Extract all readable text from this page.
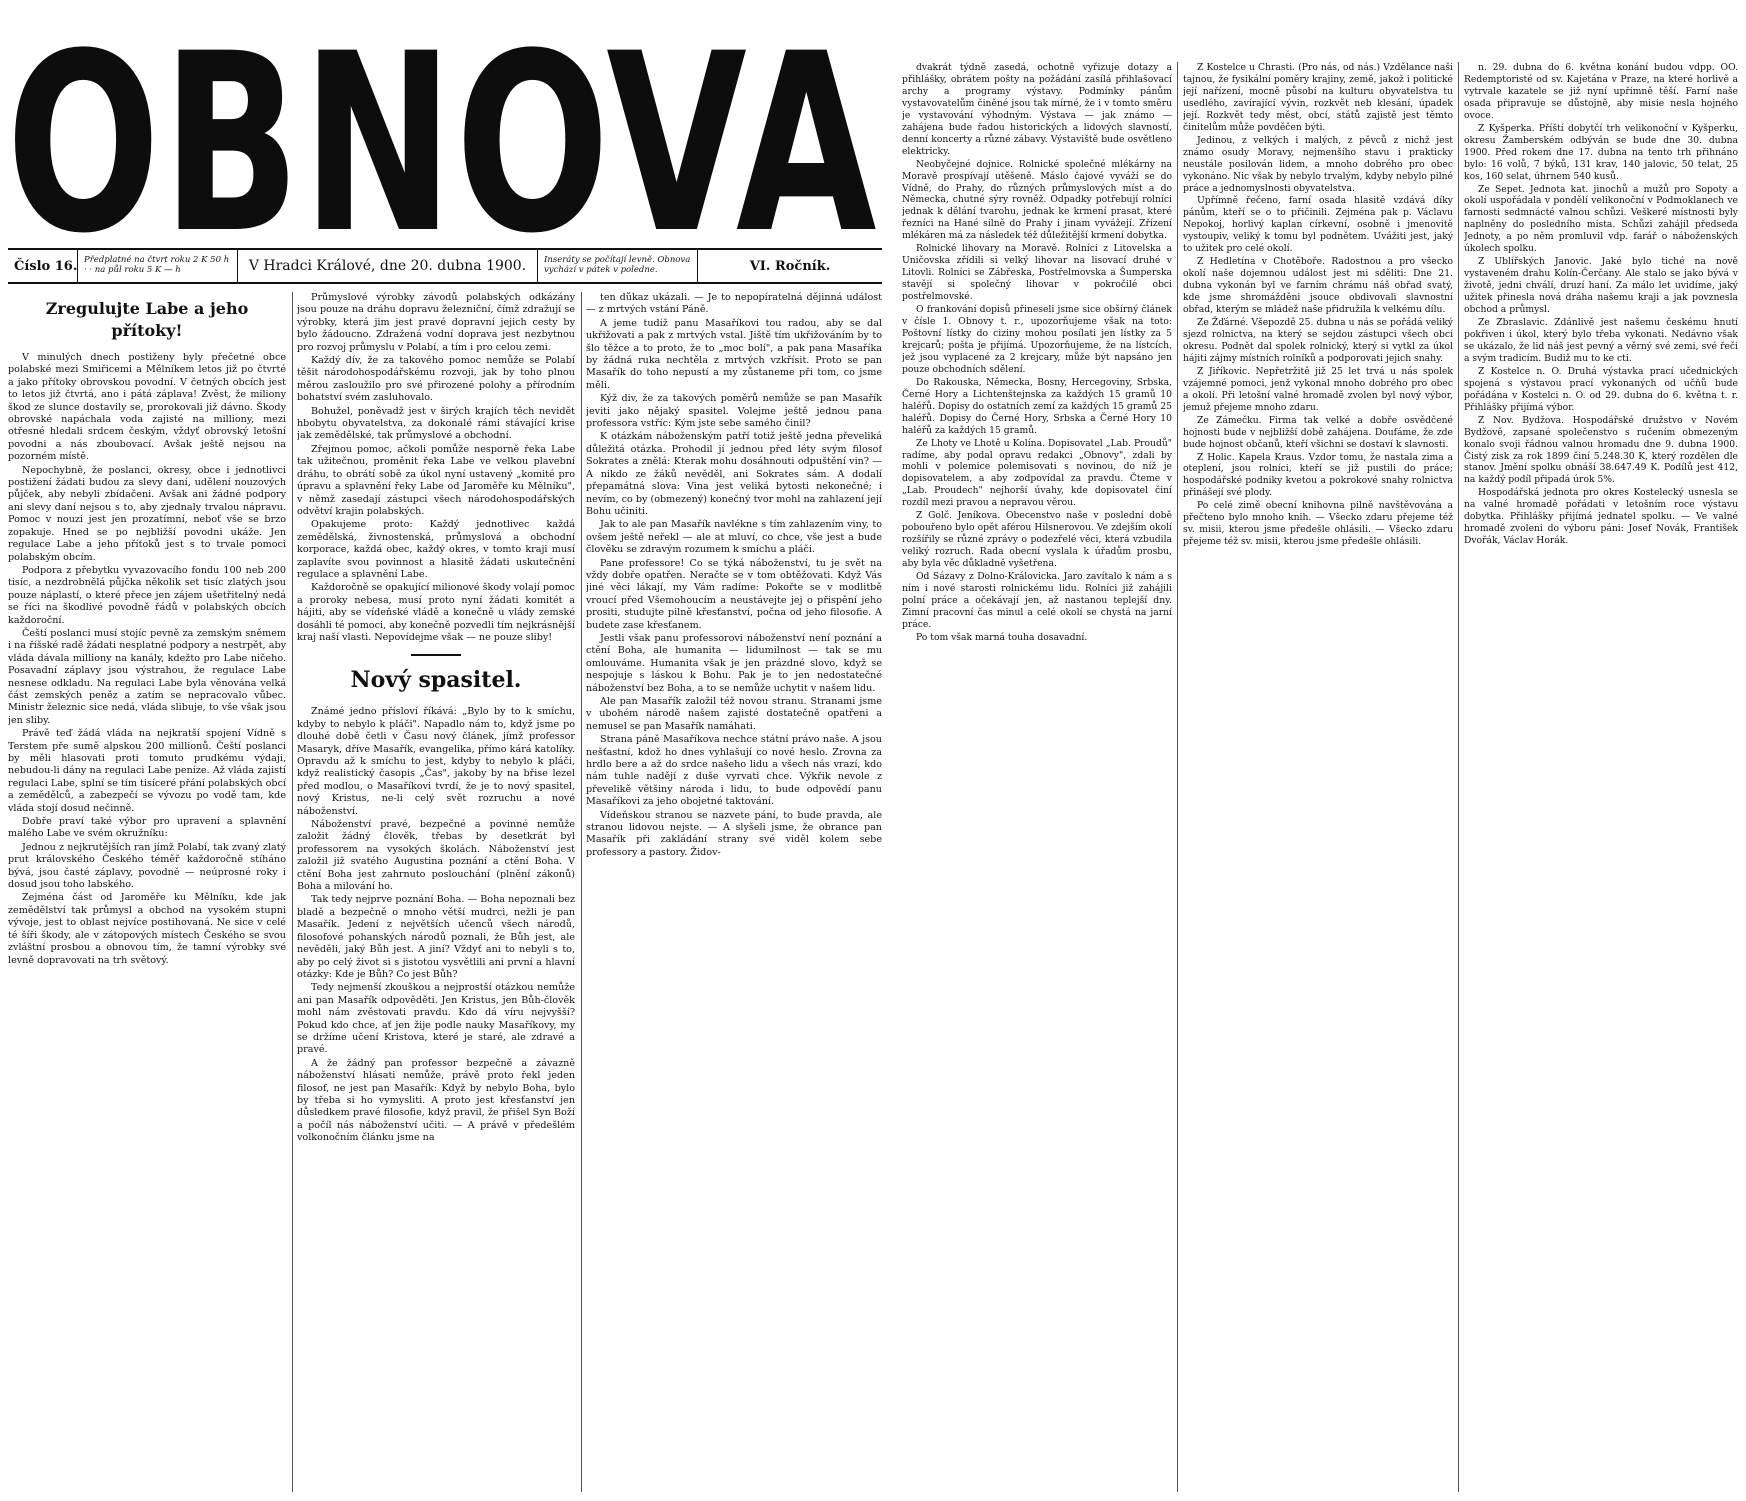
OBNOVA
Číslo 16. Předplatné na čtvrt roku 2 K 50 h · · na půl roku 5 K — h	V Hradci Králové, dne 20. dubna 1900.	Inseráty se počítají levně. Obnova vychází v pátek v poledne.	VI. Ročník.
Zregulujte Labe a jeho přítoky!

V minulých dnech postiženy byly přečetné obce polabské mezi Smiřicemi a Mělníkem letos již po čtvrté a jako přítoky obrovskou povodní. V četných obcích jest to letos již čtvrtá, ano i pátá záplava! Zvěst, že miliony škod ze slunce dostavily se, prorokovali již dávno. Škody obrovské napáchala voda zajisté na milliony, mezi otřesné hledali srdcem českým, vždyť obrovský letošní povodni a nás zboubovací. Avšak ještě nejsou na pozorném místě.

Nepochybně, že poslanci, okresy, obce i jednotlivci postižení žádati budou za slevy daní, udělení nouzových půjček, aby nebyli zbídačeni. Avšak ani žádné podpory ani slevy daní nejsou s to, aby zjednaly trvalou nápravu. Pomoc v nouzi jest jen prozatímní, neboť vše se brzo zopakuje. Hned se po nejbližší povodni ukáže. Jen regulace Labe a jeho přítoků jest s to trvale pomoci polabským obcím.

Podpora z přebytku vyvazovacího fondu 100 neb 200 tisíc, a nezdrobnělá půjčka několik set tisíc zlatých jsou pouze náplastí, o které přece jen zájem ušetřitelný nedá se říci na škodlivé povodně řádů v polabských obcích každoroční.

Čeští poslanci musí stojíc pevně za zemským sněmem i na říšské radě žádati nesplatné podpory a nestrpět, aby vláda dávala milliony na kanály, kdežto pro Labe ničeho. Posavadní záplavy jsou výstrahou, že regulace Labe nesnese odkladu. Na regulaci Labe byla věnována velká část zemských peněz a zatím se nepracovalo vůbec. Ministr železnic sice nedá, vláda slibuje, to vše však jsou jen sliby.

Právě teď žádá vláda na nejkratší spojení Vídně s Terstem pře sumě alpskou 200 millionů. Čeští poslanci by měli hlasovati proti tomuto prudkému výdaji, nebudou-li dány na regulaci Labe peníze. Až vláda zajistí regulaci Labe, splní se tím tisíceré přání polabských obcí a zemědělců, a zabezpečí se vývozu po vodě tam, kde vláda stojí dosud nečinně.

Dobře praví také výbor pro upravení a splavnění malého Labe ve svém okružníku:

Jednou z nejkrutějších ran jímž Polabí, tak zvaný zlatý prut královského Českého téměř každoročně stíháno bývá, jsou časté záplavy, povodně — neúprosné roky i dosud jsou toho labského.

Zejména část od Jaroměře ku Mělníku, kde jak zemědělství tak průmysl a obchod na vysokém stupni vývoje, jest to oblast nejvíce postihovaná. Ne sice v celé té šíři škody, ale v zátopových místech Českého se svou zvláštní prosbou a obnovou tím, že tamní výrobky své levně dopravovati na trh světový.

Průmyslové výrobky závodů polabských odkázány jsou pouze na dráhu dopravu železniční, čímž zdražují se výrobky, která jim jest pravé dopravní jejich cesty by bylo žádoucno. Zdražená vodní doprava jest nezbytnou pro rozvoj průmyslu v Polabí, a tím i pro celou zemi.

Každý dív, že za takového pomoc nemůže se Polabí těšit národohospodářskému rozvoji, jak by toho plnou měrou zasloužilo pro své přirozené polohy a přírodním bohatství svém zasluhovalo.

Bohužel, poněvadž jest v širých krajích těch nevidět hbobytu obyvatelstva, za dokonalé rámi stávající krise jak zemědělské, tak průmyslové a obchodní.

Zřejmou pomoc, ačkoli pomůže nesporně řeka Labe tak užitečnou, proměnit řeka Labe ve velkou plavební dráhu, to obrátí sobě za úkol nyní ustavený „komité pro úpravu a splavnění řeky Labe od Jaroměře ku Mělníku", v němž zasedají zástupci všech národohospodářských odvětví krajin polabských.

Opakujeme proto: Každý jednotlivec každá zemědělská, živnostenská, průmyslová a obchodní korporace, každá obec, každý okres, v tomto kraji musí zaplavíte svou povinnost a hlasitě žádati uskutečnění regulace a splavnění Labe.

Každoročně se opakující milionové škody volají pomoc a proroky nebesa, musí proto nyní žádati komitét a hájiti, aby se vídeňské vládě a konečně u vlády zemské dosáhli té pomoci, aby konečně pozvedli tím nejkrásnější kraj naší vlasti. Nepovídejme však — ne pouze sliby!

Nový spasitel.

Známé jedno přísloví říkává: „Bylo by to k smíchu, kdyby to nebylo k pláči". Napadlo nám to, když jsme po dlouhé době četli v Času nový článek, jímž professor Masaryk, dříve Masařík, evangelika, přímo kárá katolíky. Opravdu až k smíchu to jest, kdyby to nebylo k pláči, když realistický časopis „Čas", jakoby by na břise lezel před modlou, o Masaříkovi tvrdí, že je to nový spasitel, nový Kristus, ne-li celý svět rozruchu a nové náboženství.

Náboženství pravé, bezpečné a povinné nemůže založit žádný člověk, třebas by desetkrát byl professorem na vysokých školách. Náboženství jest založil již svatého Augustina poznání a ctění Boha. V ctění Boha jest zahrnuto poslouchání (plnění zákonů) Boha a milování ho.

Tak tedy nejprve poznání Boha. — Boha nepoznali bez bladě a bezpečně o mnoho větší mudrci, nežli je pan Masařík. Jedení z největších učenců všech národů, filosofové pohanských národů poznali, že Bůh jest, ale nevěděli, jaký Bůh jest. A jiní? Vždyť ani to nebyli s to, aby po celý život si s jistotou vysvětlili ani první a hlavní otázky: Kde je Bůh? Co jest Bůh?

Tedy nejmenší zkouškou a nejprostší otázkou nemůže ani pan Masařík odpověděti. Jen Kristus, jen Bůh-člověk mohl nám zvěstovati pravdu. Kdo dá víru nejvyšší? Pokud kdo chce, ať jen žije podle nauky Masaříkovy, my se držíme učení Kristova, které je staré, ale zdravé a pravé.

A že žádný pan professor bezpečně a závazně náboženství hlásati nemůže, právě proto řekl jeden filosof, ne jest pan Masařík: Když by nebylo Boha, bylo by třeba si ho vymysliti. A proto jest křesťanství jen důsledkem pravé filosofie, když pravil, že přišel Syn Boží a počíl nás náboženství učiti. — A právě v předešlém volkonočním článku jsme na

ten důkaz ukázali. — Je to nepopíratelná dějinná událost — z mrtvých vstání Páně.

A jeme tudíž panu Masaříkovi tou radou, aby se dal ukřižovati a pak z mrtvých vstal. Jiště tím ukřižováním by to šlo těžce a to proto, že to „moc bolí", a pak pana Masaříka by žádná ruka nechtěla z mrtvých vzkřísit. Proto se pan Masařík do toho nepustí a my zůstaneme při tom, co jsme měli.

Kýž div, že za takových poměrů nemůže se pan Masařík jeviti jako nějaký spasitel. Volejme ještě jednou pana professora vstříc: Kým jste sebe samého činil?

K otázkám náboženským patří totiž ještě jedna převeliká důležitá otázka. Prohodil jí jednou před léty svým filosof Sokrates a znělá: Kterak mohu dosáhnouti odpuštění vin? — A nikdo ze žáků nevěděl, ani Sokrates sám. A dodalí přepamátná slova: Vina jest veliká bytosti nekonečné; i nevím, co by (obmezený) konečný tvor mohl na zahlazení její Bohu učiniti.

Jak to ale pan Masařík navléknе s tím zahlazením viny, to ovšem ještě neřekl — ale at mluví, co chce, vše jest a bude člověku se zdravým rozumem k smíchu a pláči.

Pane professore! Co se týká náboženství, tu je svět na vždy dobře opatřen. Neračte se v tom obtěžovati. Když Vás jiné věci lákají, my Vám radíme: Pokořte se v modlitbě vroucí před Všemohoucím a neustávejte jej o přispění jeho prositi, studujte pilně křesťanství, počna od jeho filosofie. A budete zase křesťanem.

Jestli však panu professorovi náboženství není poznání a ctění Boha, ale humanita — lidumilnost — tak se mu omlouváme. Humanita však je jen prázdné slovo, když se nespojuje s láskou k Bohu. Pak je to jen nedostatečné náboženství bez Boha, a to se nemůže uchytit v našem lidu.

Ale pan Masařík založil též novou stranu. Stranami jsme v ubohém národě našem zajisté dostatečně opatřeni a nemusel se pan Masařík namáhati.

Strana páně Masaříkova nechce státní právo naše. A jsou nešťastní, kdož ho dnes vyhlašují co nové heslo. Zrovna za hrdlo bere a až do srdce našeho lidu a všech nás vrazí, kdo nám tuhle nadějí z duše vyrvati chce. Výkřik nevole z převelikě většiny národa i lidu, to bude odpovědí panu Masaříkovi za jeho obojetné taktování.

Vídeňskou stranou se nazvete pání, to bude pravda, ale stranou lidovou nejste. — A slyšeli jsme, že obrance pan Masařík při zakládání strany své viděl kolem sebe professory a pastory. Židov-

dvakrát týdně zasedá, ochotně vyřizuje dotazy a přihlášky, obrátem pošty na požádání zasílá přihlašovací archy a programy výstavy. Podmínky pánům vystavovatelům činěné jsou tak mírné, že i v tomto směru je vystavování výhodným. Výstava — jak známo — zahájena bude řadou historických a lidových slavností, denní koncerty a různé zábavy. Výstaviště bude osvětleno elektricky.

Neobyčejné dojnice. Rolnické společné mlékárny na Moravě prospívají utěšeně. Máslo čajové vyváží se do Vídně, do Prahy, do různých průmyslových míst a do Německa, chutné sýry rovněž. Odpadky potřebují rolníci jednak k dělání tvarohu, jednak ke krmení prasat, které řezníci na Hané silně do Prahy i jinam vyvážejí. Zřízení mlékáren má za následek též důležitější krmení dobytka.

Rolnické lihovary na Moravě. Rolníci z Litovelska a Uničovska zřídili si velký lihovar na lisovací druhé v Litovli. Rolníci se Zábřeska, Postřelmovska a Šumperska stavějí si společný lihovar v pokročilé obci postřelmovské.

O frankování dopisů přineseli jsme sice obšírný článek v čísle 1. Obnovy t. r., upozorňujeme však na toto: Poštovní lístky do ciziny mohou posílati jen lístky za 5 krejcarů; pošta je přijímá. Upozorňujeme, že na lístcích, jež jsou vyplacené za 2 krejcary, může být napsáno jen pouze obchodních sdělení.

Do Rakouska, Německa, Bosny, Hercegoviny, Srbska, Černé Hory a Lichtenštejnska za každých 15 gramů 10 haléřů. Dopisy do ostatních zemí za každých 15 gramů 25 haléřů. Dopisy do Černé Hory, Srbska a Černé Hory 10 haléřů za každých 15 gramů.

Ze Lhoty ve Lhotě u Kolína. Dopisovatel „Lab. Proudů" radíme, aby podal opravu redakci „Obnovy", zdali by mohli v polemice polemisovati s novinou, do níž je dopisovatelem, a aby zodpovídal za pravdu. Čteme v „Lab. Proudech" nejhorší úvahy, kde dopisovatel činí rozdíl mezi pravou a nepravou věrou.

Z Golč. Jeníkova. Obecenstvo naše v poslední době pobouřeno bylo opět aférou Hilsnerovou. Ve zdejším okolí rozšířily se různé zprávy o podezřelé věci, která vzbudila veliký rozruch. Rada obecní vyslala k úřadům prosbu, aby byla věc důkladně vyšetřena.

Od Sázavy z Dolno-Královicka. Jaro zavítalo k nám a s ním i nové starosti rolnickému lidu. Rolníci již zahájili polní práce a očekávají jen, až nastanou teplejší dny. Zimní pracovní čas minul a celé okolí se chystá na jarní práce.

Po tom však marná touha dosavadní.

Z Kostelce u Chrasti. (Pro nás, od nás.) Vzdělance naši tajnou, že fysikální poměry krajiny, země, jakož i politické její nařízení, mocně působí na kulturu obyvatelstva tu usedlého, zavírající vývin, rozkvět neb klesání, úpadek její. Rozkvět tedy měst, obcí, států zajistě jest těmto činitelům může povděčen býti.

Jedinou, z velkých i malých, z pěvců z nichž jest známo osudy Moravy, nejmenšího stavu i prakticky neustále posilován lidem, a mnoho dobrého pro obec vykonáno. Nic však by nebylo trvalým, kdyby nebylo pilné práce a jednomyslnosti obyvatelstva.

Upřímně řečeno, farní osada hlasitě vzdává díky pánům, kteří se o to přičinili. Zejména pak p. Václavu Nepokoj, horlivý kaplan církevní, osobně i jmenovitě vystoupiv, veliký k tomu byl podnětem. Uvážiti jest, jaký to užitek pro celé okolí.

Z Hedletína v Chotěboře. Radostnou a pro všecko okolí naše dojemnou událost jest mi sděliti: Dne 21. dubna vykonán byl ve farním chrámu náš obřad svatý, kde jsme shromážděni jsouce obdivovali slavnostní obřad, kterým se mládež naše přidružila k velkému dílu.

Ze Žďárné. Všepozdě 25. dubna u nás se pořádá veliký sjezd rolnictva, na který se sejdou zástupci všech obcí okresu. Podnět dal spolek rolnický, který si vytkl za úkol hájiti zájmy místních rolníků a podporovati jejich snahy.

Z Jiříkovic. Nepřetržitě již 25 let trvá u nás spolek vzájemné pomoci, jenž vykonal mnoho dobrého pro obec a okolí. Při letošní valné hromadě zvolen byl nový výbor, jemuž přejeme mnoho zdaru.

Ze Zámečku. Firma tak velké a dobře osvědčené hojnosti bude v nejbližší době zahájena. Doufáme, že zde bude hojnost občanů, kteří všichni se dostaví k slavnosti.

Z Holic. Kapela Kraus. Vzdor tomu, že nastala zima a oteplení, jsou rolníci, kteří se již pustili do práce; hospodářské podniky kvetou a pokrokové snahy rolnictva přinášejí své plody.

Po celé zimě obecní knihovna pilně navštěvována a přečteno bylo mnoho knih. — Všecko zdaru přejeme též sv. misii, kterou jsme předešle ohlásili. — Všecko zdaru přejeme též sv. misii, kterou jsme předešle ohlásili.

n. 29. dubna do 6. května konání budou vdpp. OO. Redemptoristé od sv. Kajetána v Praze, na které horlivě a vytrvale kazatele se již nyní upřímně těší. Farní naše osada připravuje se důstojně, aby misie nesla hojného ovoce.

Z Kyšperka. Příští dobytčí trh velikonoční v Kyšperku, okresu Žamberském odbýván se bude dne 30. dubna 1900. Před rokem dne 17. dubna na tento trh přihnáno bylo: 16 volů, 7 býků, 131 krav, 140 jalovic, 50 telat, 25 kos, 160 selat, úhrnem 540 kusů.

Ze Sepet. Jednota kat. jinochů a mužů pro Sopoty a okolí uspořádala v pondělí velikonoční v Podmoklanech ve farnosti sedmnácté valnou schůzi. Veškeré místnosti byly naplněny do posledního místa. Schůzi zahájil předseda Jednoty, a po něm promluvil vdp. farář o náboženských úkolech spolku.

Z Ublířských Janovic. Jaké bylo tiché na nově vystaveném drahu Kolín-Čerčany. Ale stalo se jako bývá v životě, jedni chválí, druzí haní. Za málo let uvidíme, jaký užitek přinesla nová dráha našemu kraji a jak povznesla obchod a průmysl.

Ze Zbraslavic. Zdánlivě jest našemu českému hnutí pokřiven i úkol, který bylo třeba vykonati. Nedávno však se ukázalo, že lid náš jest pevný a věrný své zemi, své řeči a svým tradicím. Budiž mu to ke cti.

Z Kostelce n. O. Druhá výstavka prací učednických spojená s výstavou prací vykonaných od učňů bude pořádána v Kostelci n. O. od 29. dubna do 6. května t. r. Přihlášky přijímá výbor.

Z Nov. Bydžova. Hospodářské družstvo v Novém Bydžově, zapsané společenstvo s ručením obmezeným konalo svoji řádnou valnou hromadu dne 9. dubna 1900. Čistý zisk za rok 1899 činí 5.248.30 K, který rozdělen dle stanov. Jmění spolku obnáší 38.647.49 K. Podílů jest 412, na každý podíl připadá úrok 5%.

Hospodářská jednota pro okres Kostelecký usnesla se na valné hromadě pořádati v letošním roce výstavu dobytka. Přihlášky přijímá jednatel spolku. — Ve valné hromadě zvoleni do výboru páni: Josef Novák, František Dvořák, Václav Horák.
